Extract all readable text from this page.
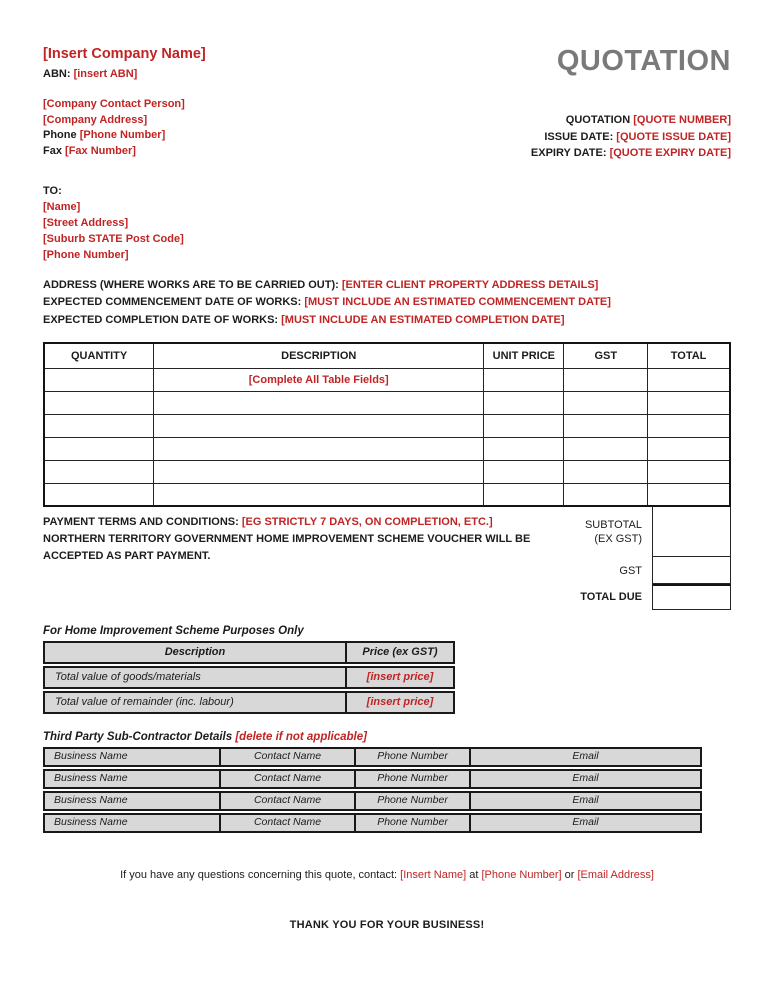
[Insert Company Name]
ABN: [insert ABN]
[Company Contact Person]
[Company Address]
Phone [Phone Number]
Fax [Fax Number]
QUOTATION
QUOTATION [QUOTE NUMBER]
ISSUE DATE: [QUOTE ISSUE DATE]
EXPIRY DATE: [QUOTE EXPIRY DATE]
TO:
[Name]
[Street Address]
[Suburb STATE Post Code]
[Phone Number]
ADDRESS (WHERE WORKS ARE TO BE CARRIED OUT): [ENTER CLIENT PROPERTY ADDRESS DETAILS]
EXPECTED COMMENCEMENT DATE OF WORKS: [MUST INCLUDE AN ESTIMATED COMMENCEMENT DATE]
EXPECTED COMPLETION DATE OF WORKS: [MUST INCLUDE AN ESTIMATED COMPLETION DATE]
QUANTITY	DESCRIPTION	UNIT PRICE	GST	TOTAL
	[Complete All Table Fields]			

PAYMENT TERMS AND CONDITIONS: [EG STRICTLY 7 DAYS, ON COMPLETION, ETC.] NORTHERN TERRITORY GOVERNMENT HOME IMPROVEMENT SCHEME VOUCHER WILL BE ACCEPTED AS PART PAYMENT.
SUBTOTAL
(EX GST)
GST
TOTAL DUE
For Home Improvement Scheme Purposes Only
Description	Price (ex GST)
Total value of goods/materials	[insert price]
Total value of remainder (inc. labour)	[insert price]
Third Party Sub-Contractor Details [delete if not applicable]
Business Name	Contact Name	Phone Number	Email
Business Name	Contact Name	Phone Number	Email
Business Name	Contact Name	Phone Number	Email
Business Name	Contact Name	Phone Number	Email
If you have any questions concerning this quote, contact: [Insert Name] at [Phone Number] or [Email Address]
THANK YOU FOR YOUR BUSINESS!
